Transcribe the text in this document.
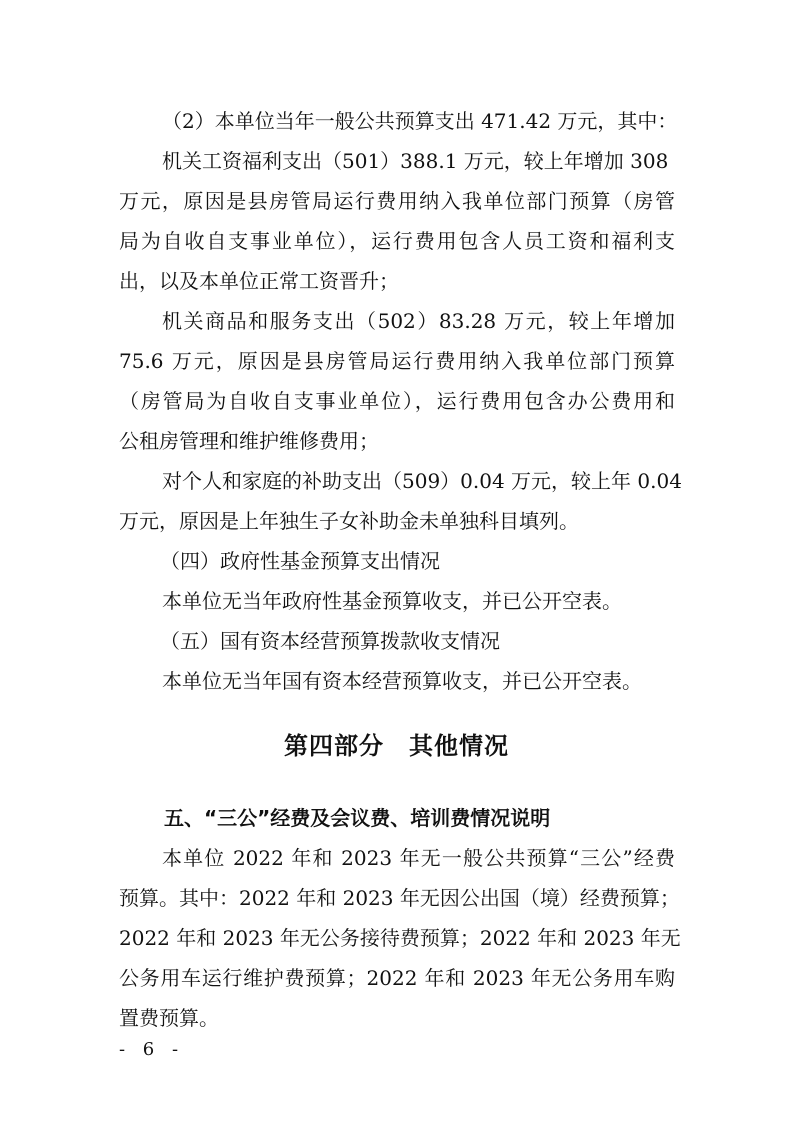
（2）本单位当年一般公共预算支出 471.42 万元，其中：
机关工资福利支出（501）388.1 万元，较上年增加 308
万元，原因是县房管局运行费用纳入我单位部门预算（房管
局为自收自支事业单位），运行费用包含人员工资和福利支
出，以及本单位正常工资晋升；
机关商品和服务支出（502）83.28 万元，较上年增加
75.6 万元，原因是县房管局运行费用纳入我单位部门预算
（房管局为自收自支事业单位），运行费用包含办公费用和
公租房管理和维护维修费用；
对个人和家庭的补助支出（509）0.04 万元，较上年 0.04
万元，原因是上年独生子女补助金未单独科目填列。
（四）政府性基金预算支出情况
本单位无当年政府性基金预算收支，并已公开空表。
（五）国有资本经营预算拨款收支情况
本单位无当年国有资本经营预算收支，并已公开空表。
第四部分　其他情况
五、“三公”经费及会议费、培训费情况说明
本单位 2022 年和 2023 年无一般公共预算“三公”经费
预算。其中：2022 年和 2023 年无因公出国（境）经费预算；
2022 年和 2023 年无公务接待费预算；2022 年和 2023 年无
公务用车运行维护费预算；2022 年和 2023 年无公务用车购
置费预算。
- 6 -
